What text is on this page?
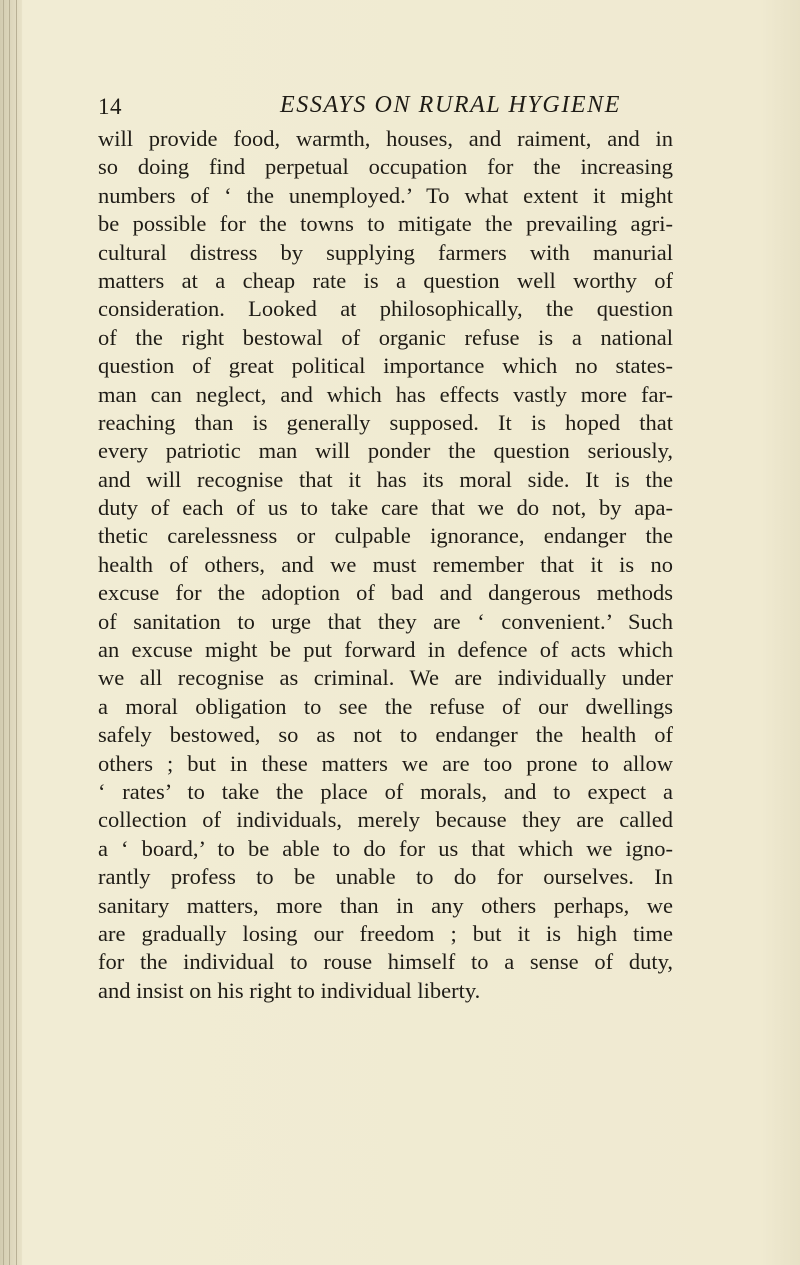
14	ESSAYS ON RURAL HYGIENE
will provide food, warmth, houses, and raiment, and in
so doing find perpetual occupation for the increasing
numbers of ‘ the unemployed.’ To what extent it might
be possible for the towns to mitigate the prevailing agri-
cultural distress by supplying farmers with manurial
matters at a cheap rate is a question well worthy of
consideration. Looked at philosophically, the question
of the right bestowal of organic refuse is a national
question of great political importance which no states-
man can neglect, and which has effects vastly more far-
reaching than is generally supposed. It is hoped that
every patriotic man will ponder the question seriously,
and will recognise that it has its moral side. It is the
duty of each of us to take care that we do not, by apa-
thetic carelessness or culpable ignorance, endanger the
health of others, and we must remember that it is no
excuse for the adoption of bad and dangerous methods
of sanitation to urge that they are ‘ convenient.’ Such
an excuse might be put forward in defence of acts which
we all recognise as criminal. We are individually under
a moral obligation to see the refuse of our dwellings
safely bestowed, so as not to endanger the health of
others ; but in these matters we are too prone to allow
‘ rates’ to take the place of morals, and to expect a
collection of individuals, merely because they are called
a ‘ board,’ to be able to do for us that which we igno-
rantly profess to be unable to do for ourselves. In
sanitary matters, more than in any others perhaps, we
are gradually losing our freedom ; but it is high time
for the individual to rouse himself to a sense of duty,
and insist on his right to individual liberty.
